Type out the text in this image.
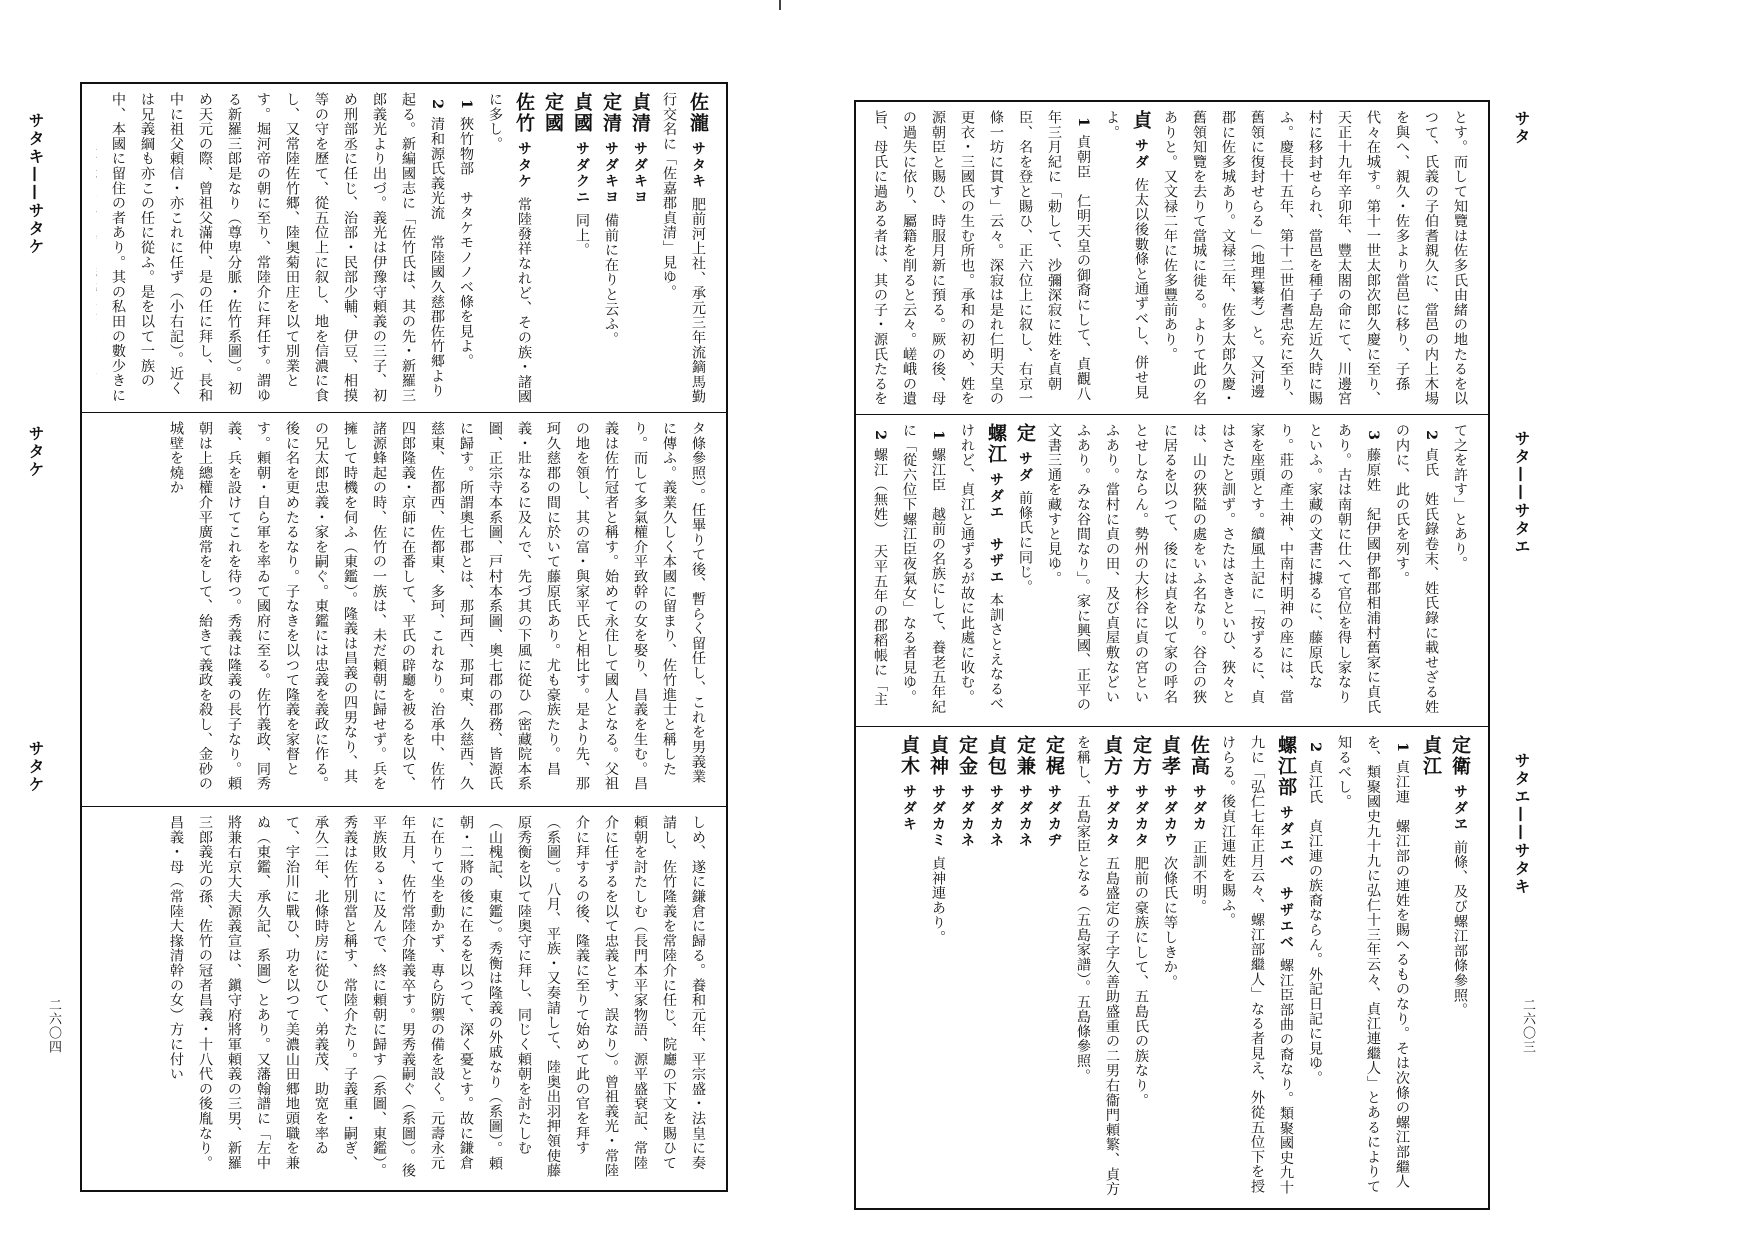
サタキ——サタケ
サタケ
サタケ
佐瀧サタキ肥前河上社、承元三年流鏑馬勤行交名に「佐嘉郡貞清」見ゆ。
貞清サダキヨ
定清サダキヨ備前に在りと云ふ。
貞國サダクニ同上。
定國
佐竹サタケ常陸發祥なれど、その族・諸國に多し。
1狹竹物部　サタケモノノベ條を見よ。
2清和源氏義光流　常陸國久慈郡佐竹郷より起る。新編國志に「佐竹氏は、其の先・新羅三郎義光より出づ。義光は伊豫守頼義の三子、初め刑部丞に任じ、治部・民部少輔、伊豆、相摸等の守を歷て、從五位上に叙し、地を信濃に食し、又常陸佐竹郷、陸奥菊田庄を以て別業とす。堀河帝の朝に至り、常陸介に拜任す。謂ゆる新羅三郎是なり（尊卑分脈・佐竹系圖）。初め天元の際、曾祖父滿仲、是の任に拜し、長和中に祖父頼信・亦これに任ず（小右記）。近くは兄義綱も亦この任に從ふ。是を以て一族の中、本國に留住の者あり。其の私田の數少きに
タ條參照）。任畢りて後、暫らく留任し、これを男義業に傳ふ。義業久しく本國に留まり、佐竹進士と稱したり。而して多氣權介平致幹の女を娶り、昌義を生む。昌義は佐竹冠者と稱す。始めて永住して國人となる。父祖の地を領し、其の富・與家平氏と相比す。是より先、那珂久慈郡の間に於いて藤原氏あり。尤も豪族たり。昌義・壯なるに及んで、先づ其の下風に從ひ（密藏院本系圖、正宗寺本系圖、戸村本系圖、奧七郡の郡務、皆源氏に歸す。所謂奧七郡とは、那珂西、那珂東、久慈西、久慈東、佐都西、佐都東、多珂、これなり。治承中、佐竹四郎隆義・京師に在番して、平氏の辟廳を被るを以て、諸源蜂起の時、佐竹の一族は、未だ頼朝に歸せず。兵を擁して時機を伺ふ（東鑑）。隆義は昌義の四男なり、其の兄太郎忠義・家を嗣ぐ。東鑑には忠義を義政に作る。後に名を更めたるなり。子なきを以つて隆義を家督とす。頼朝・自ら軍を率ゐて國府に至る。佐竹義政、同秀義、兵を設けてこれを待つ。秀義は隆義の長子なり。頼朝は上總權介平廣常をして、紿きて義政を殺し、金砂の城壁を燒か
しめ、遂に鎌倉に歸る。養和元年、平宗盛・法皇に奏請し、佐竹隆義を常陸介に任じ、院廳の下文を賜ひて頼朝を討たしむ（長門本平家物語、源平盛衰記、常陸介に任ずるを以て忠義とす、誤なり）。曾祖義光・常陸介に拜するの後、隆義に至りて始めて此の官を拜す（系圖）。八月、平族・又奏請して、陸奥出羽押領使藤原秀衡を以て陸奥守に拜し、同じく頼朝を討たしむ（山槐記、東鑑）。秀衡は隆義の外戚なり（系圖）。頼朝・二將の後に在るを以つて、深く憂とす。故に鎌倉に在りて坐を動かず、專ら防禦の備を設く。元壽永元年五月、佐竹常陸介隆義卒す。男秀義嗣ぐ（系圖）。後平族敗るゝに及んで、終に頼朝に歸す（系圖、東鑑）。秀義は佐竹別當と稱す、常陸介たり。子義重・嗣ぎ、承久二年、北條時房に從ひて、弟義茂、助宽を率ゐて、宇治川に戰ひ、功を以つて美濃山田郷地頭職を兼ぬ（東鑑、承久記、系圖）とあり。又藩翰譜に「左中將兼右京大夫源義宣は、鎭守府將軍頼義の三男、新羅三郎義光の孫、佐竹の冠者昌義・十八代の後胤なり。昌義・母（常陸大掾清幹の女）方に付い
二六〇四
とす。而して知覽は佐多氏由緒の地たるを以つて、氏義の子伯耆親久に、當邑の内上木場を與へ、親久・佐多より當邑に移り、子孫代々在城す。第十一世太郎次郎久慶に至り、天正十九年辛卯年、豐太閤の命にて、川邊宮村に移封せられ、當邑を種子島左近久時に賜ふ。慶長十五年、第十二世伯耆忠充に至り、舊領に復封せらる」（地理纂考）と。又河邊郡に佐多城あり。文禄三年、佐多太郎久慶・舊領知覽を去りて當城に徙る。よりて此の名ありと。又文禄二年に佐多豐前あり。
貞サダ佐太以後數條と通ずべし、併せ見よ。
1貞朝臣　仁明天皇の御裔にして、貞觀八年三月紀に「勅して、沙彌深寂に姓を貞朝臣、名を登と賜ひ、正六位上に叙し、右京一條一坊に貫す」云々。深寂は是れ仁明天皇の更衣・三國氏の生む所也。承和の初め、姓を源朝臣と賜ひ、時服月新に預る。厥の後、母の過失に依り、屬籍を削ると云々。嵯峨の遺旨、母氏に過ある者は、其の子・源氏たるを
て之を許す」とあり。
2貞氏　姓氏錄卷末、姓氏錄に載せざる姓の内に、此の氏を列す。
3藤原姓　紀伊國伊都郡相浦村舊家に貞氏あり。古は南朝に仕へて官位を得し家なりといふ。家藏の文書に據るに、藤原氏なり。莊の產土神、中南村明神の座には、當家を座頭とす。續風土記に「按ずるに、貞はさたと訓ず。さたはさきといひ、狹々とは、山の狹隘の處をいふ名なり。谷合の狹に居るを以つて、後には貞を以て家の呼名とせしならん。勢州の大杉谷に貞の宮といふあり。當村に貞の田、及び貞屋敷などいふあり。みな谷間なり」。家に興國、正平の文書三通を藏すと見ゆ。
定サダ前條氏に同じ。
螺江サダエ　サザエ本訓さとえなるべけれど、貞江と通ずるが故に此處に收む。
1螺江臣　越前の名族にして、養老五年紀に「從六位下螺江臣夜氣女」なる者見ゆ。
2螺江（無姓）　天平五年の郡稻帳に「主
定衛サダヱ前條、及び螺江部條參照。
貞江
1貞江連　螺江部の連姓を賜へるものなり。そは次條の螺江部繼人を、類聚國史九十九に弘仁十三年云々、貞江連繼人」とあるによりて知るべし。
2貞江氏　貞江連の族裔ならん。外記日記に見ゆ。
螺江部サダエベ　サザエベ螺江臣部曲の裔なり。類聚國史九十九に「弘仁七年正月云々、螺江部繼人」なる者見え、外從五位下を授けらる。後貞江連姓を賜ふ。
佐高サダカ正訓不明。
貞孝サダカウ次條氏に等しきか。
定方サダカタ肥前の豪族にして、五島氏の族なり。
貞方サダカタ五島盛定の子字久善助盛重の二男右衞門頼繁、貞方を稱し、五島家臣となる（五島家譜）。五島條參照。
定梶サダカヂ
定兼サダカネ
貞包サダカネ
定金サダカネ
貞神サダカミ貞神連あり。
貞木サダキ
サタ
サタ——サタエ
サタエ——サタキ
二六〇三
